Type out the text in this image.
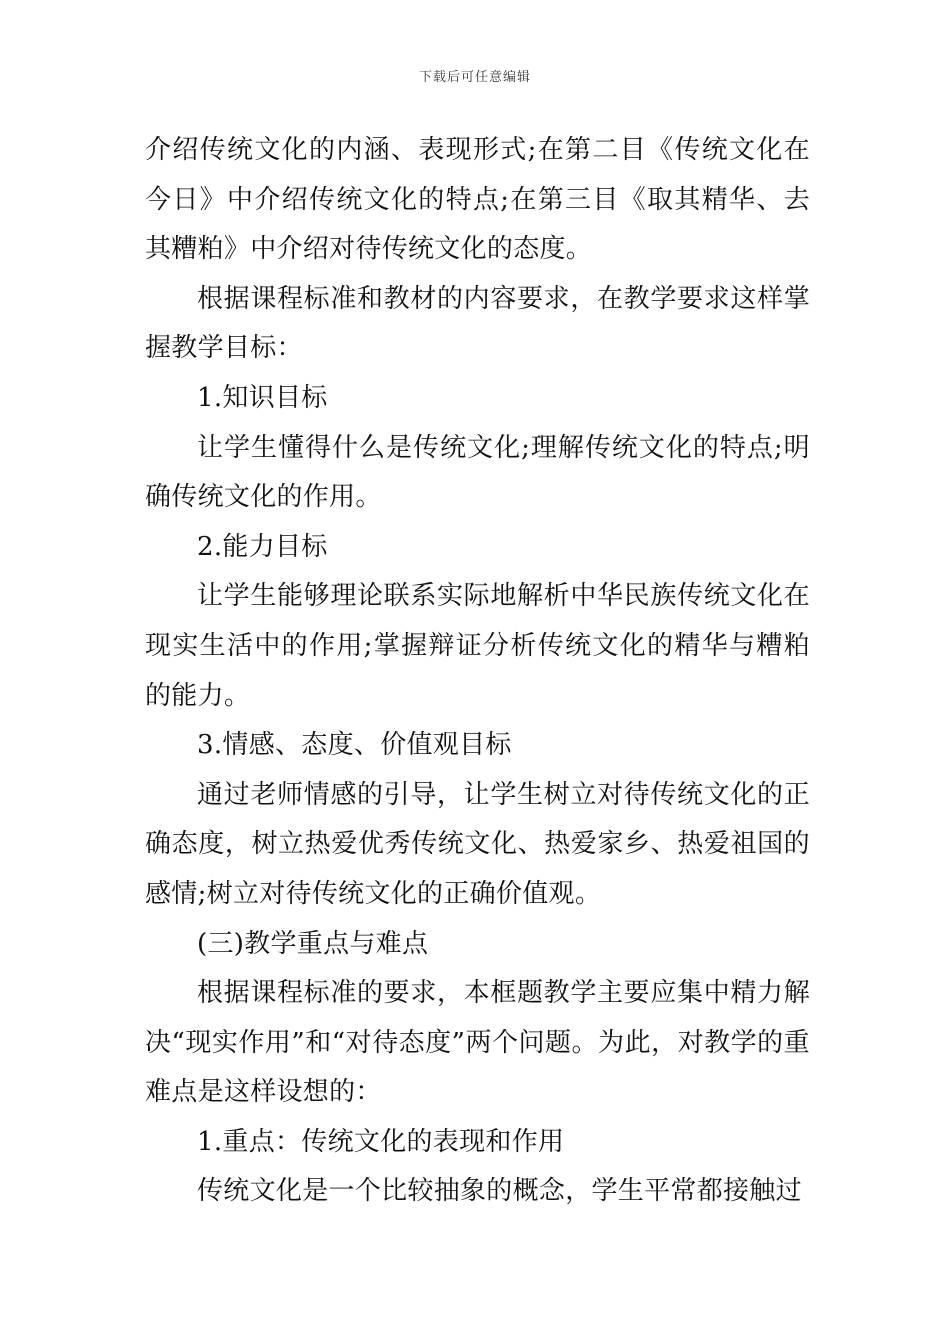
下载后可任意编辑

介绍传统文化的内涵、表现形式;在第二目《传统文化在今日》中介绍传统文化的特点;在第三目《取其精华、去其糟粕》中介绍对待传统文化的态度。

根据课程标准和教材的内容要求，在教学要求这样掌握教学目标：

1.知识目标

让学生懂得什么是传统文化;理解传统文化的特点;明确传统文化的作用。

2.能力目标

让学生能够理论联系实际地解析中华民族传统文化在现实生活中的作用;掌握辩证分析传统文化的精华与糟粕的能力。

3.情感、态度、价值观目标

通过老师情感的引导，让学生树立对待传统文化的正确态度，树立热爱优秀传统文化、热爱家乡、热爱祖国的感情;树立对待传统文化的正确价值观。

(三)教学重点与难点

根据课程标准的要求，本框题教学主要应集中精力解决“现实作用”和“对待态度”两个问题。为此，对教学的重难点是这样设想的：

1.重点：传统文化的表现和作用

传统文化是一个比较抽象的概念，学生平常都接触过
